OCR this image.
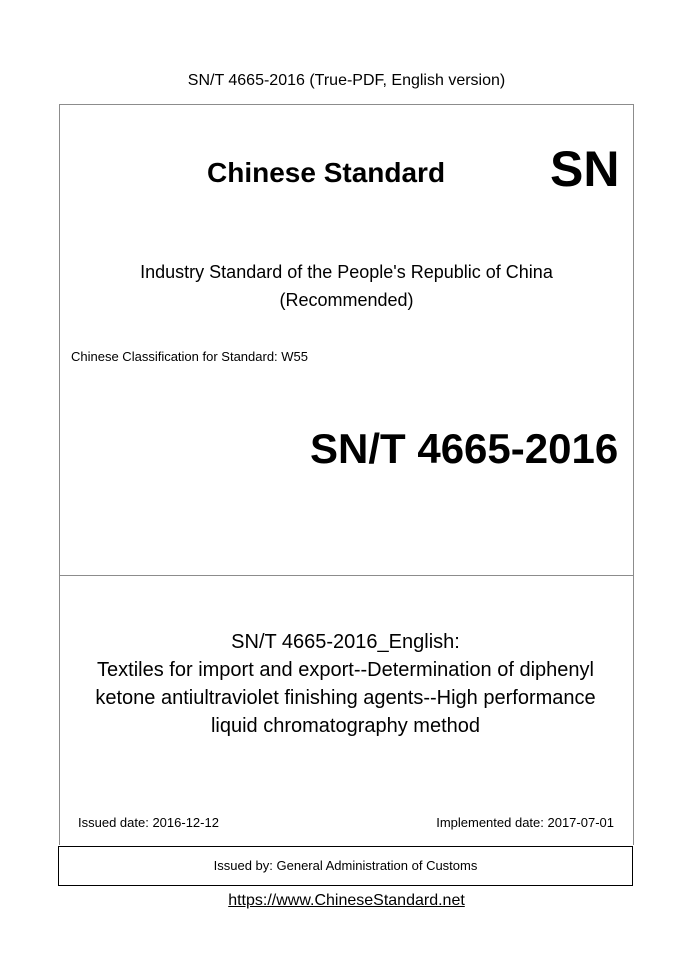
SN/T 4665-2016 (True-PDF, English version)
Chinese Standard SN
Industry Standard of the People's Republic of China
(Recommended)
Chinese Classification for Standard: W55
SN/T 4665-2016
SN/T 4665-2016_English:
Textiles for import and export--Determination of diphenyl
ketone antiultraviolet finishing agents--High performance
liquid chromatography method
Issued date: 2016-12-12	Implemented date: 2017-07-01
Issued by: General Administration of Customs
https://www.ChineseStandard.net
